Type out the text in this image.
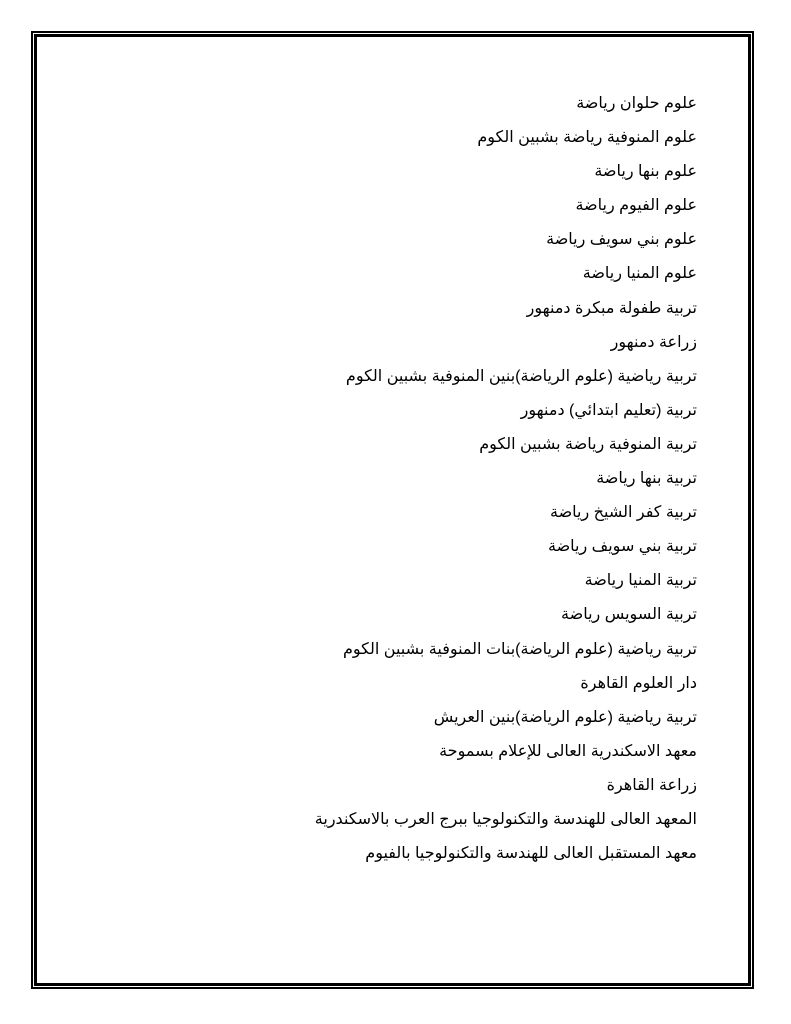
علوم حلوان رياضة
علوم المنوفية رياضة بشبين الكوم
علوم بنها رياضة
علوم الفيوم رياضة
علوم بني سويف رياضة
علوم المنيا رياضة
تربية طفولة مبكرة دمنهور
زراعة دمنهور
تربية رياضية (علوم الرياضة)بنين المنوفية بشبين الكوم
تربية (تعليم ابتدائي) دمنهور
تربية المنوفية رياضة بشبين الكوم
تربية بنها رياضة
تربية كفر الشيخ رياضة
تربية بني سويف رياضة
تربية المنيا رياضة
تربية السويس رياضة
تربية رياضية (علوم الرياضة)بنات المنوفية بشبين الكوم
دار العلوم القاهرة
تربية رياضية (علوم الرياضة)بنين العريش
معهد الاسكندرية العالى للإعلام بسموحة
زراعة القاهرة
المعهد العالى للهندسة والتكنولوجيا ببرج العرب بالاسكندرية
معهد المستقبل العالى للهندسة والتكنولوجيا بالفيوم
